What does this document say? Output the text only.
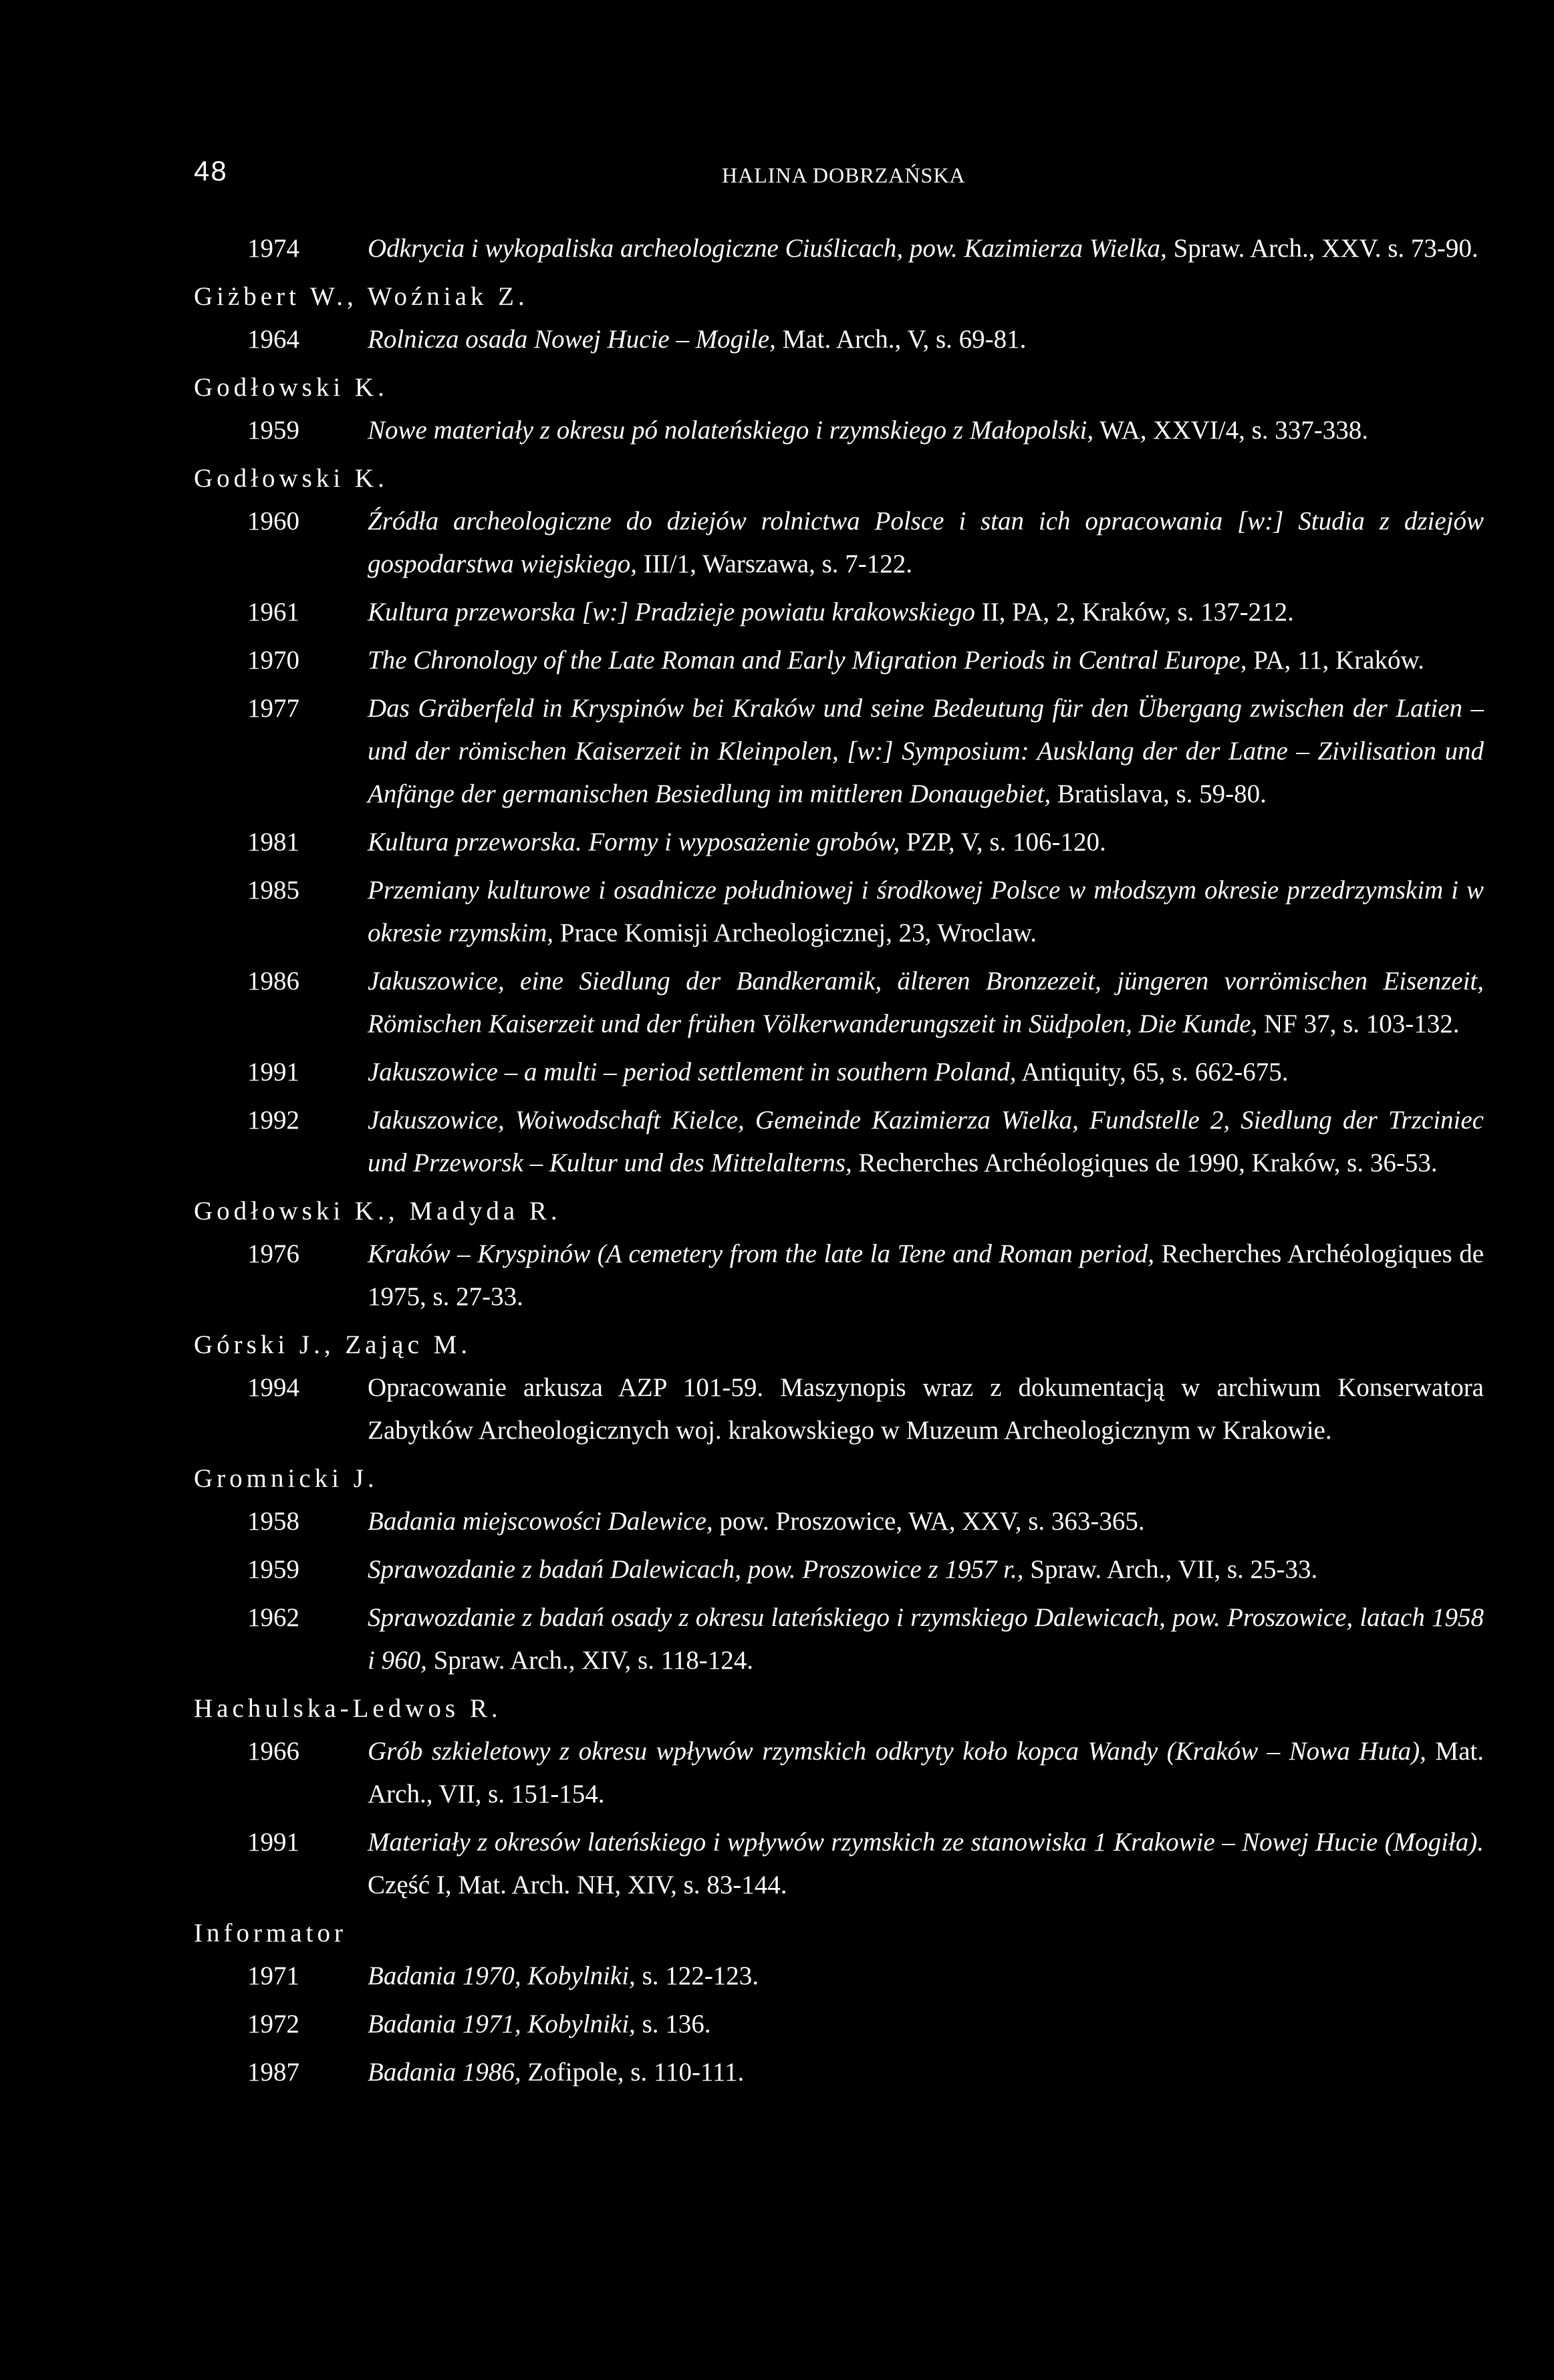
48	HALINA DOBRZAŃSKA
1974	Odkrycia i wykopaliska archeologiczne Ciuślicach, pow. Kazimierza Wielka, Spraw. Arch., XXV. s. 73-90.

Giżbert W., Woźniak Z.

1964	Rolnicza osada Nowej Hucie – Mogile, Mat. Arch., V, s. 69-81.

Godłowski K.

1959	Nowe materiały z okresu pó nolateńskiego i rzymskiego z Małopolski, WA, XXVI/4, s. 337-338.

Godłowski K.

1960	Źródła archeologiczne do dziejów rolnictwa Polsce i stan ich opracowania [w:] Studia z dziejów gospodarstwa wiejskiego, III/1, Warszawa, s. 7-122.
1961	Kultura przeworska [w:] Pradzieje powiatu krakowskiego II, PA, 2, Kraków, s. 137-212.
1970	The Chronology of the Late Roman and Early Migration Periods in Central Europe, PA, 11, Kraków.
1977	Das Gräberfeld in Kryspinów bei Kraków und seine Bedeutung für den Übergang zwischen der Latien – und der römischen Kaiserzeit in Kleinpolen, [w:] Symposium: Ausklang der der Latne – Zivilisation und Anfänge der germanischen Besiedlung im mittleren Donaugebiet, Bratislava, s. 59-80.
1981	Kultura przeworska. Formy i wyposażenie grobów, PZP, V, s. 106-120.
1985	Przemiany kulturowe i osadnicze południowej i środkowej Polsce w młodszym okresie przedrzymskim i w okresie rzymskim, Prace Komisji Archeologicznej, 23, Wroclaw.
1986	Jakuszowice, eine Siedlung der Bandkeramik, älteren Bronzezeit, jüngeren vorrömischen Eisenzeit, Römischen Kaiserzeit und der frühen Völkerwanderungszeit in Südpolen, Die Kunde, NF 37, s. 103-132.
1991	Jakuszowice – a multi – period settlement in southern Poland, Antiquity, 65, s. 662-675.
1992	Jakuszowice, Woiwodschaft Kielce, Gemeinde Kazimierza Wielka, Fundstelle 2, Siedlung der Trzciniec und Przeworsk – Kultur und des Mittelalterns, Recherches Archéologiques de 1990, Kraków, s. 36-53.

Godłowski K., Madyda R.

1976	Kraków – Kryspinów (A cemetery from the late la Tene and Roman period, Recherches Archéologiques de 1975, s. 27-33.

Górski J., Zając M.

1994	Opracowanie arkusza AZP 101-59. Maszynopis wraz z dokumentacją w archiwum Konserwatora Zabytków Archeologicznych woj. krakowskiego w Muzeum Archeologicznym w Krakowie.

Gromnicki J.

1958	Badania miejscowości Dalewice, pow. Proszowice, WA, XXV, s. 363-365.
1959	Sprawozdanie z badań Dalewicach, pow. Proszowice z 1957 r., Spraw. Arch., VII, s. 25-33.
1962	Sprawozdanie z badań osady z okresu lateńskiego i rzymskiego Dalewicach, pow. Proszowice, latach 1958 i 960, Spraw. Arch., XIV, s. 118-124.

Hachulska-Ledwos R.

1966	Grób szkieletowy z okresu wpływów rzymskich odkryty koło kopca Wandy (Kraków – Nowa Huta), Mat. Arch., VII, s. 151-154.
1991	Materiały z okresów lateńskiego i wpływów rzymskich ze stanowiska 1 Krakowie – Nowej Hucie (Mogiła). Część I, Mat. Arch. NH, XIV, s. 83-144.

Informator

1971	Badania 1970, Kobylniki, s. 122-123.
1972	Badania 1971, Kobylniki, s. 136.
1987	Badania 1986, Zofipole, s. 110-111.
